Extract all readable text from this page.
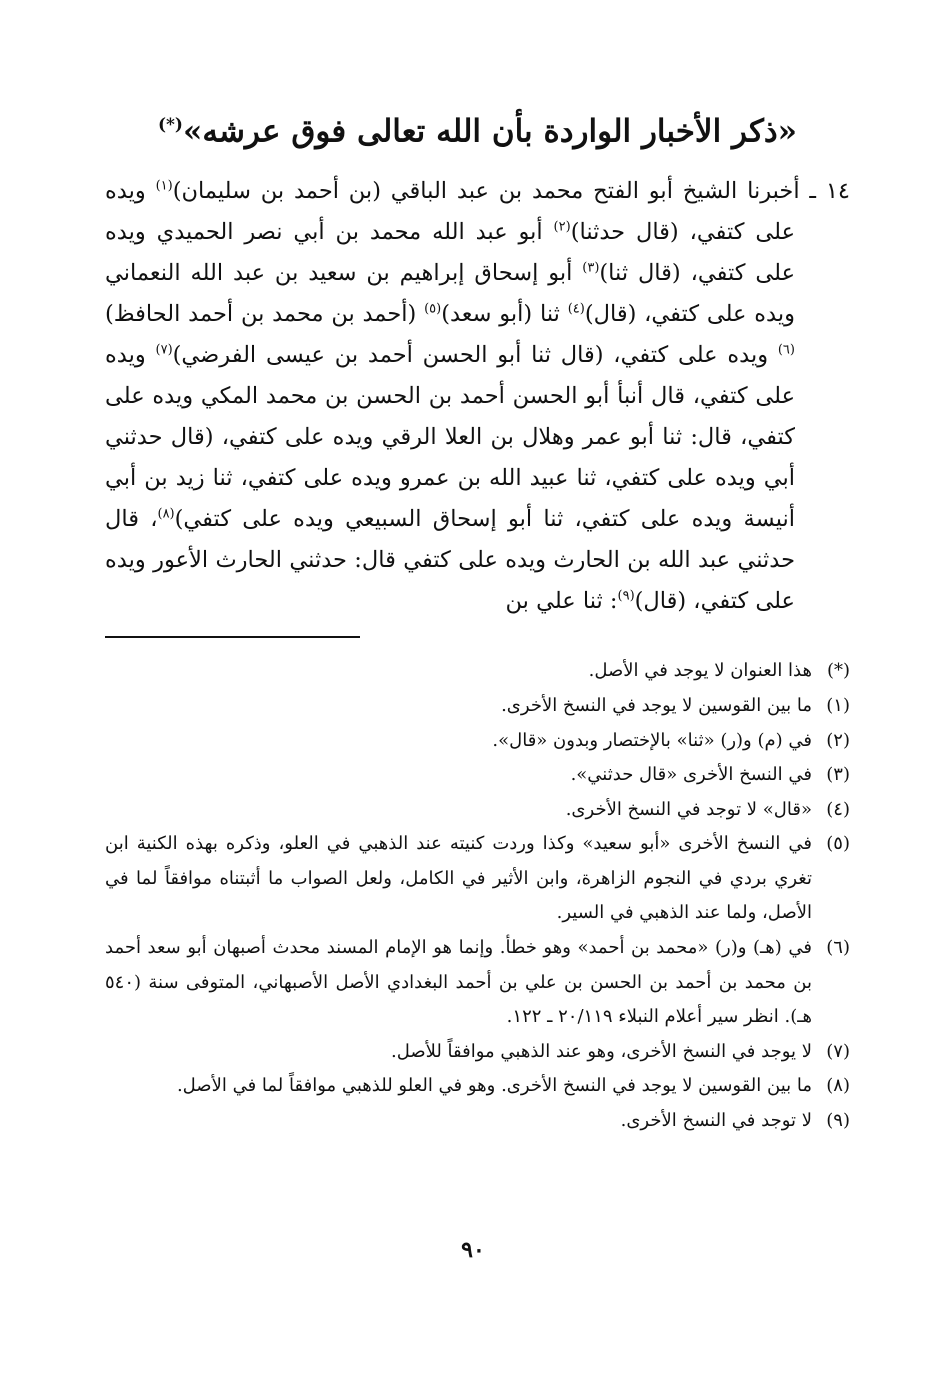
«ذكر الأخبار الواردة بأن الله تعالى فوق عرشه»(*)

١٤ ـ أخبرنا الشيخ أبو الفتح محمد بن عبد الباقي (بن أحمد بن سليمان)$^{(١)}$ ويده على كتفي، (قال حدثنا)$^{(٢)}$ أبو عبد الله محمد بن أبي نصر الحميدي ويده على كتفي، (قال ثنا)$^{(٣)}$ أبو إسحاق إبراهيم بن سعيد بن عبد الله النعماني ويده على كتفي، (قال)$^{(٤)}$ ثنا (أبو سعد)$^{(٥)}$ (أحمد بن محمد بن أحمد الحافظ)$^{(٦)}$ ويده على كتفي، (قال ثنا أبو الحسن أحمد بن عيسى الفرضي)$^{(٧)}$ ويده على كتفي، قال أنبأ أبو الحسن أحمد بن الحسن بن محمد المكي ويده على كتفي، قال: ثنا أبو عمر وهلال بن العلا الرقي ويده على كتفي، (قال حدثني أبي ويده على كتفي، ثنا عبيد الله بن عمرو ويده على كتفي، ثنا زيد بن أبي أنيسة ويده على كتفي، ثنا أبو إسحاق السبيعي ويده على كتفي)$^{(٨)}$، قال حدثني عبد الله بن الحارث ويده على كتفي قال: حدثني الحارث الأعور ويده على كتفي، (قال)$^{(٩)}$: ثنا علي بن

(*)هذا العنوان لا يوجد في الأصل.
(١)ما بين القوسين لا يوجد في النسخ الأخرى.
(٢)في (م) و(ر) «ثنا» بالإختصار وبدون «قال».
(٣)في النسخ الأخرى «قال حدثني».
(٤)«قال» لا توجد في النسخ الأخرى.
(٥)في النسخ الأخرى «أبو سعيد» وكذا وردت كنيته عند الذهبي في العلو، وذكره بهذه الكنية ابن تغري بردي في النجوم الزاهرة، وابن الأثير في الكامل، ولعل الصواب ما أثبتناه موافقاً لما في الأصل، ولما عند الذهبي في السير.
(٦)في (هـ) و(ر) «محمد بن أحمد» وهو خطأ. وإنما هو الإمام المسند محدث أصبهان أبو سعد أحمد بن محمد بن أحمد بن الحسن بن علي بن أحمد البغدادي الأصل الأصبهاني، المتوفى سنة (٥٤٠ هـ). انظر سير أعلام النبلاء ٢٠/١١٩ ـ ١٢٢.
(٧)لا يوجد في النسخ الأخرى، وهو عند الذهبي موافقاً للأصل.
(٨)ما بين القوسين لا يوجد في النسخ الأخرى. وهو في العلو للذهبي موافقاً لما في الأصل.
(٩)لا توجد في النسخ الأخرى.
٩٠
